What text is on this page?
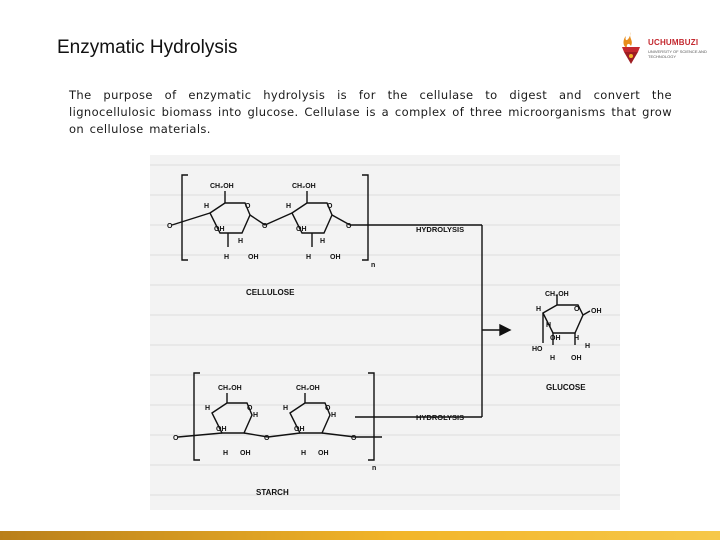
Enzymatic Hydrolysis	UCHUMBUZI
UNIVERSITY OF SCIENCE AND TECHNOLOGY
The purpose of enzymatic hydrolysis is for the cellulase to digest and convert the lignocellulosic biomass into glucose. Cellulase is a complex of three microorganisms that grow on cellulose materials.
CH₂OH	CH₂OH
O	O	O
H	O
OH
H
H	OH
H	O
OH
H
H	OH
n
CELLULOSE
HYDROLYSIS
CH₂OH
H	O OH
H
OH H
H
HO
H OH
GLUCOSE
CH₂OH	CH₂OH
H	O
H
H	O
H
OH	OH
O	O	O
H OH	H OH
n
STARCH
HYDROLYSIS
